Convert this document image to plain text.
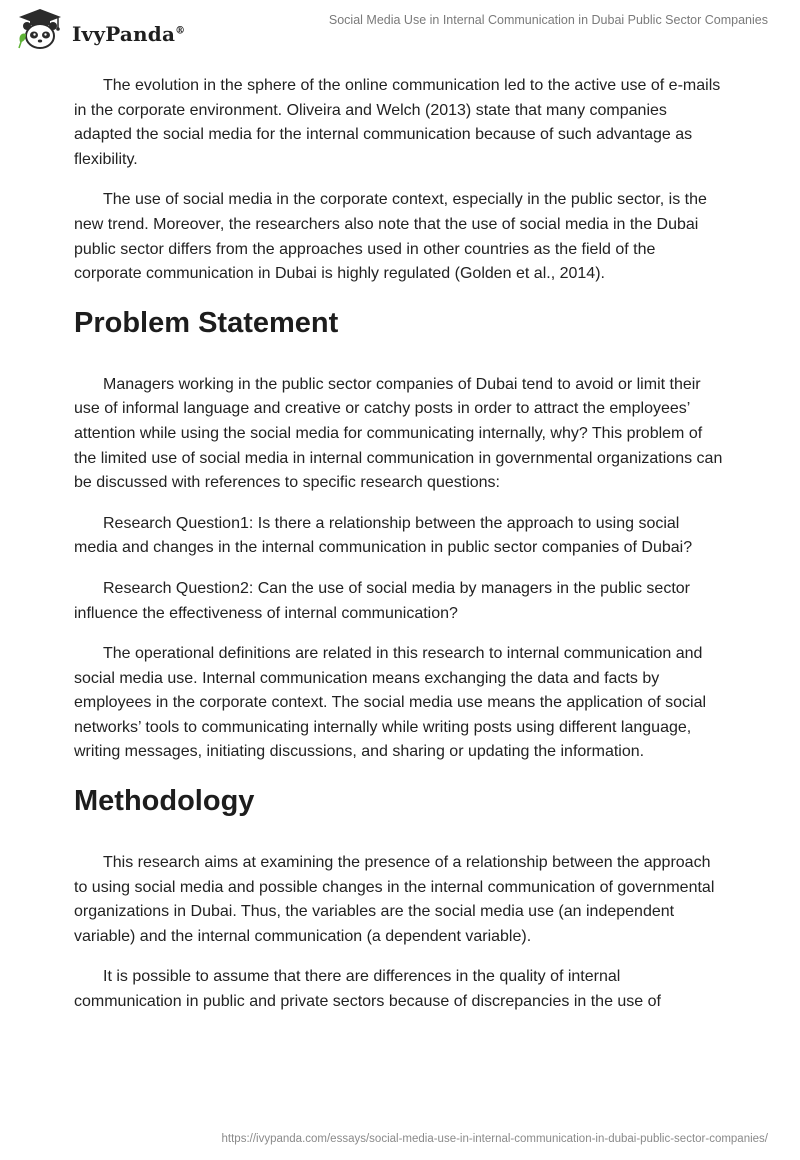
IvyPanda®
Social Media Use in Internal Communication in Dubai Public Sector Companies

The evolution in the sphere of the online communication led to the active use of e-mails in the corporate environment. Oliveira and Welch (2013) state that many companies adapted the social media for the internal communication because of such advantage as flexibility.

The use of social media in the corporate context, especially in the public sector, is the new trend. Moreover, the researchers also note that the use of social media in the Dubai public sector differs from the approaches used in other countries as the field of the corporate communication in Dubai is highly regulated (Golden et al., 2014).

Problem Statement

Managers working in the public sector companies of Dubai tend to avoid or limit their use of informal language and creative or catchy posts in order to attract the employees’ attention while using the social media for communicating internally, why? This problem of the limited use of social media in internal communication in governmental organizations can be discussed with references to specific research questions:

Research Question1: Is there a relationship between the approach to using social media and changes in the internal communication in public sector companies of Dubai?

Research Question2: Can the use of social media by managers in the public sector influence the effectiveness of internal communication?

The operational definitions are related in this research to internal communication and social media use. Internal communication means exchanging the data and facts by employees in the corporate context. The social media use means the application of social networks’ tools to communicating internally while writing posts using different language, writing messages, initiating discussions, and sharing or updating the information.

Methodology

This research aims at examining the presence of a relationship between the approach to using social media and possible changes in the internal communication of governmental organizations in Dubai. Thus, the variables are the social media use (an independent variable) and the internal communication (a dependent variable).

It is possible to assume that there are differences in the quality of internal communication in public and private sectors because of discrepancies in the use of

https://ivypanda.com/essays/social-media-use-in-internal-communication-in-dubai-public-sector-companies/
